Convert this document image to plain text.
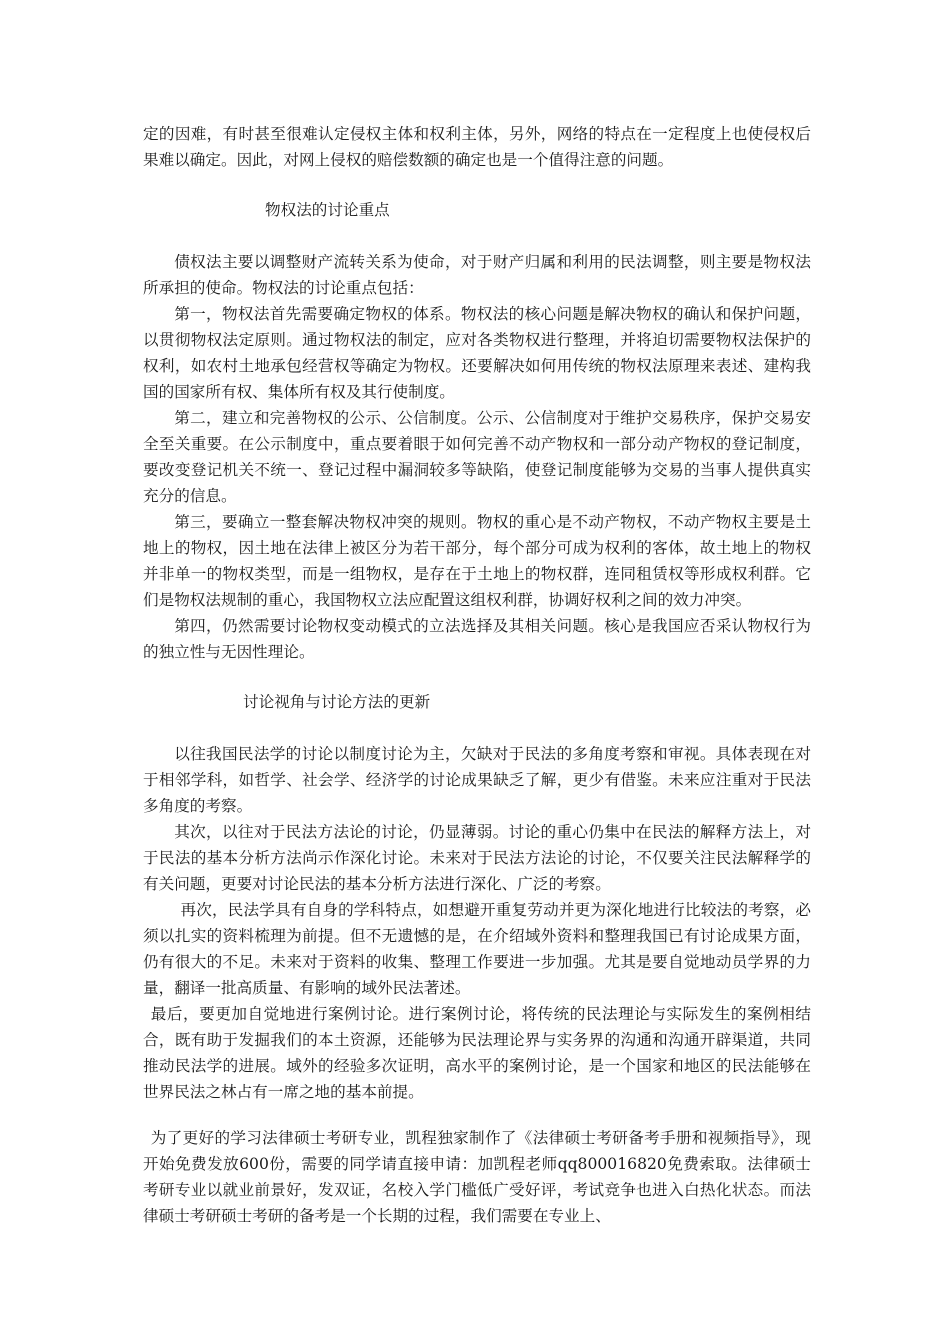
定的因难，有时甚至很难认定侵权主体和权利主体，另外，网络的特点在一定程度上也使侵权后果难以确定。因此，对网上侵权的赔偿数额的确定也是一个值得注意的问题。

物权法的讨论重点

债权法主要以调整财产流转关系为使命，对于财产归属和利用的民法调整，则主要是物权法所承担的使命。物权法的讨论重点包括：

第一，物权法首先需要确定物权的体系。物权法的核心问题是解决物权的确认和保护问题，以贯彻物权法定原则。通过物权法的制定，应对各类物权进行整理，并将迫切需要物权法保护的权利，如农村土地承包经营权等确定为物权。还要解决如何用传统的物权法原理来表述、建构我国的国家所有权、集体所有权及其行使制度。

第二，建立和完善物权的公示、公信制度。公示、公信制度对于维护交易秩序，保护交易安全至关重要。在公示制度中，重点要着眼于如何完善不动产物权和一部分动产物权的登记制度，要改变登记机关不统一、登记过程中漏洞较多等缺陷，使登记制度能够为交易的当事人提供真实充分的信息。

第三，要确立一整套解决物权冲突的规则。物权的重心是不动产物权，不动产物权主要是土地上的物权，因土地在法律上被区分为若干部分，每个部分可成为权利的客体，故土地上的物权并非单一的物权类型，而是一组物权，是存在于土地上的物权群，连同租赁权等形成权利群。它们是物权法规制的重心，我国物权立法应配置这组权利群，协调好权利之间的效力冲突。

第四，仍然需要讨论物权变动模式的立法选择及其相关问题。核心是我国应否采认物权行为的独立性与无因性理论。

讨论视角与讨论方法的更新

以往我国民法学的讨论以制度讨论为主，欠缺对于民法的多角度考察和审视。具体表现在对于相邻学科，如哲学、社会学、经济学的讨论成果缺乏了解，更少有借鉴。未来应注重对于民法多角度的考察。

其次，以往对于民法方法论的讨论，仍显薄弱。讨论的重心仍集中在民法的解释方法上，对于民法的基本分析方法尚示作深化讨论。未来对于民法方法论的讨论，不仅要关注民法解释学的有关问题，更要对讨论民法的基本分析方法进行深化、广泛的考察。

再次，民法学具有自身的学科特点，如想避开重复劳动并更为深化地进行比较法的考察，必须以扎实的资料梳理为前提。但不无遗憾的是，在介绍域外资料和整理我国已有讨论成果方面，仍有很大的不足。未来对于资料的收集、整理工作要进一步加强。尤其是要自觉地动员学界的力量，翻译一批高质量、有影响的域外民法著述。

最后，要更加自觉地进行案例讨论。进行案例讨论，将传统的民法理论与实际发生的案例相结合，既有助于发掘我们的本土资源，还能够为民法理论界与实务界的沟通和沟通开辟渠道，共同推动民法学的进展。域外的经验多次证明，高水平的案例讨论，是一个国家和地区的民法能够在世界民法之林占有一席之地的基本前提。

为了更好的学习法律硕士考研专业，凯程独家制作了《法律硕士考研备考手册和视频指导》，现开始免费发放600份，需要的同学请直接申请：加凯程老师qq800016820免费索取。法律硕士考研专业以就业前景好，发双证，名校入学门槛低广受好评，考试竞争也进入白热化状态。而法律硕士考研硕士考研的备考是一个长期的过程，我们需要在专业上、
